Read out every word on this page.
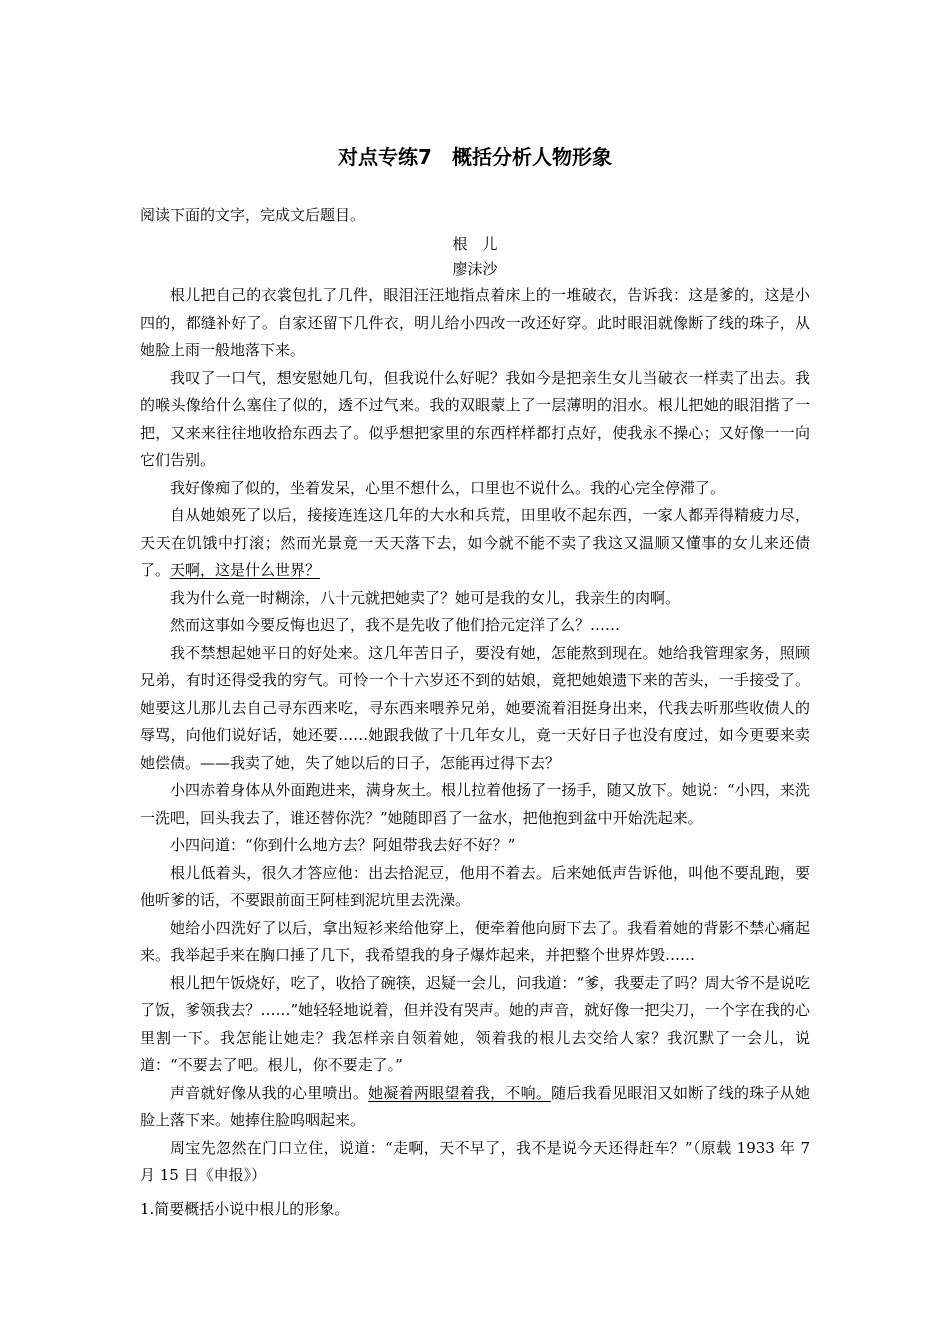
对点专练7　概括分析人物形象
阅读下面的文字，完成文后题目。
根　儿
廖沫沙

根儿把自己的衣裳包扎了几件，眼泪汪汪地指点着床上的一堆破衣，告诉我：这是爹的，这是小四的，都缝补好了。自家还留下几件衣，明儿给小四改一改还好穿。此时眼泪就像断了线的珠子，从她脸上雨一般地落下来。

我叹了一口气，想安慰她几句，但我说什么好呢？我如今是把亲生女儿当破衣一样卖了出去。我的喉头像给什么塞住了似的，透不过气来。我的双眼蒙上了一层薄明的泪水。根儿把她的眼泪揩了一把，又来来往往地收拾东西去了。似乎想把家里的东西样样都打点好，使我永不操心；又好像一一向它们告别。

我好像痴了似的，坐着发呆，心里不想什么，口里也不说什么。我的心完全停滞了。

自从她娘死了以后，接接连连这几年的大水和兵荒，田里收不起东西，一家人都弄得精疲力尽，天天在饥饿中打滚；然而光景竟一天天落下去，如今就不能不卖了我这又温顺又懂事的女儿来还债了。天啊，这是什么世界？

我为什么竟一时糊涂，八十元就把她卖了？她可是我的女儿，我亲生的肉啊。

然而这事如今要反悔也迟了，我不是先收了他们拾元定洋了么？……

我不禁想起她平日的好处来。这几年苦日子，要没有她，怎能熬到现在。她给我管理家务，照顾兄弟，有时还得受我的穷气。可怜一个十六岁还不到的姑娘，竟把她娘遗下来的苦头，一手接受了。她要这儿那儿去自己寻东西来吃，寻东西来喂养兄弟，她要流着泪挺身出来，代我去听那些收债人的辱骂，向他们说好话，她还要……她跟我做了十几年女儿，竟一天好日子也没有度过，如今更要来卖她偿债。——我卖了她，失了她以后的日子，怎能再过得下去？

小四赤着身体从外面跑进来，满身灰土。根儿拉着他扬了一扬手，随又放下。她说：“小四，来洗一洗吧，回头我去了，谁还替你洗？”她随即舀了一盆水，把他抱到盆中开始洗起来。

小四问道：“你到什么地方去？阿姐带我去好不好？”

根儿低着头，很久才答应他：出去拾泥豆，他用不着去。后来她低声告诉他，叫他不要乱跑，要他听爹的话，不要跟前面王阿桂到泥坑里去洗澡。

她给小四洗好了以后，拿出短衫来给他穿上，便牵着他向厨下去了。我看着她的背影不禁心痛起来。我举起手来在胸口捶了几下，我希望我的身子爆炸起来，并把整个世界炸毁……

根儿把午饭烧好，吃了，收拾了碗筷，迟疑一会儿，问我道：“爹，我要走了吗？周大爷不是说吃了饭，爹领我去？……”她轻轻地说着，但并没有哭声。她的声音，就好像一把尖刀，一个字在我的心里割一下。我怎能让她走？我怎样亲自领着她，领着我的根儿去交给人家？我沉默了一会儿，说道：“不要去了吧。根儿，你不要走了。”

声音就好像从我的心里喷出。她凝着两眼望着我，不响。随后我看见眼泪又如断了线的珠子从她脸上落下来。她捧住脸呜咽起来。

周宝先忽然在门口立住，说道：“走啊，天不早了，我不是说今天还得赶车？”（原载 1933 年 7 月 15 日《申报》）

1.简要概括小说中根儿的形象。
